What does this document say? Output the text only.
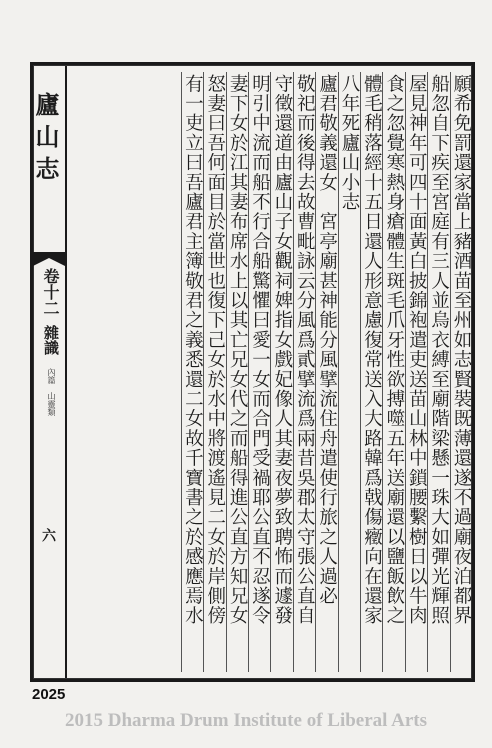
廬山志
卷十二
雜識
內篇　山靈類
六	願希免罰還家當上豬酒苗至州如志賢裝既薄還遂不過廟夜泊都界
船忽自下疾至宮庭有三人並烏衣縛至廟階梁懸一珠大如彈光輝照
屋見神年可四十面黃白披錦袍遣吏送苗山林中鎖腰繫樹日以牛肉
食之忽覺寒熱身瘡體生斑毛爪牙性欲搏噬五年送廟還以鹽飯飲之
體毛稍落經十五日還人形意慮復常送入大路韓爲戟傷癥向在還家
八年死廬山小志
廬君敬義還女　宮亭廟甚神能分風擘流住舟遣使行旅之人過必
敬祀而後得去故曹毗詠云分風爲貳擘流爲兩昔吳郡太守張公直自
守徵還道由廬山子女觀祠婢指女戲妃像人其妻夜夢致聘怖而遽發
明引中流而船不行合船驚懼曰愛一女而合門受禍耶公直不忍遂令
妻下女於江其妻布席水上以其亡兄女代之而船得進公直方知兄女
怒妻曰吾何面目於當世也復下己女於水中將渡遙見二女於岸側傍
有一吏立曰吾廬君主簿敬君之義悉還二女故千寶書之於感應焉水
2025
2015 Dharma Drum Institute of Liberal Arts
